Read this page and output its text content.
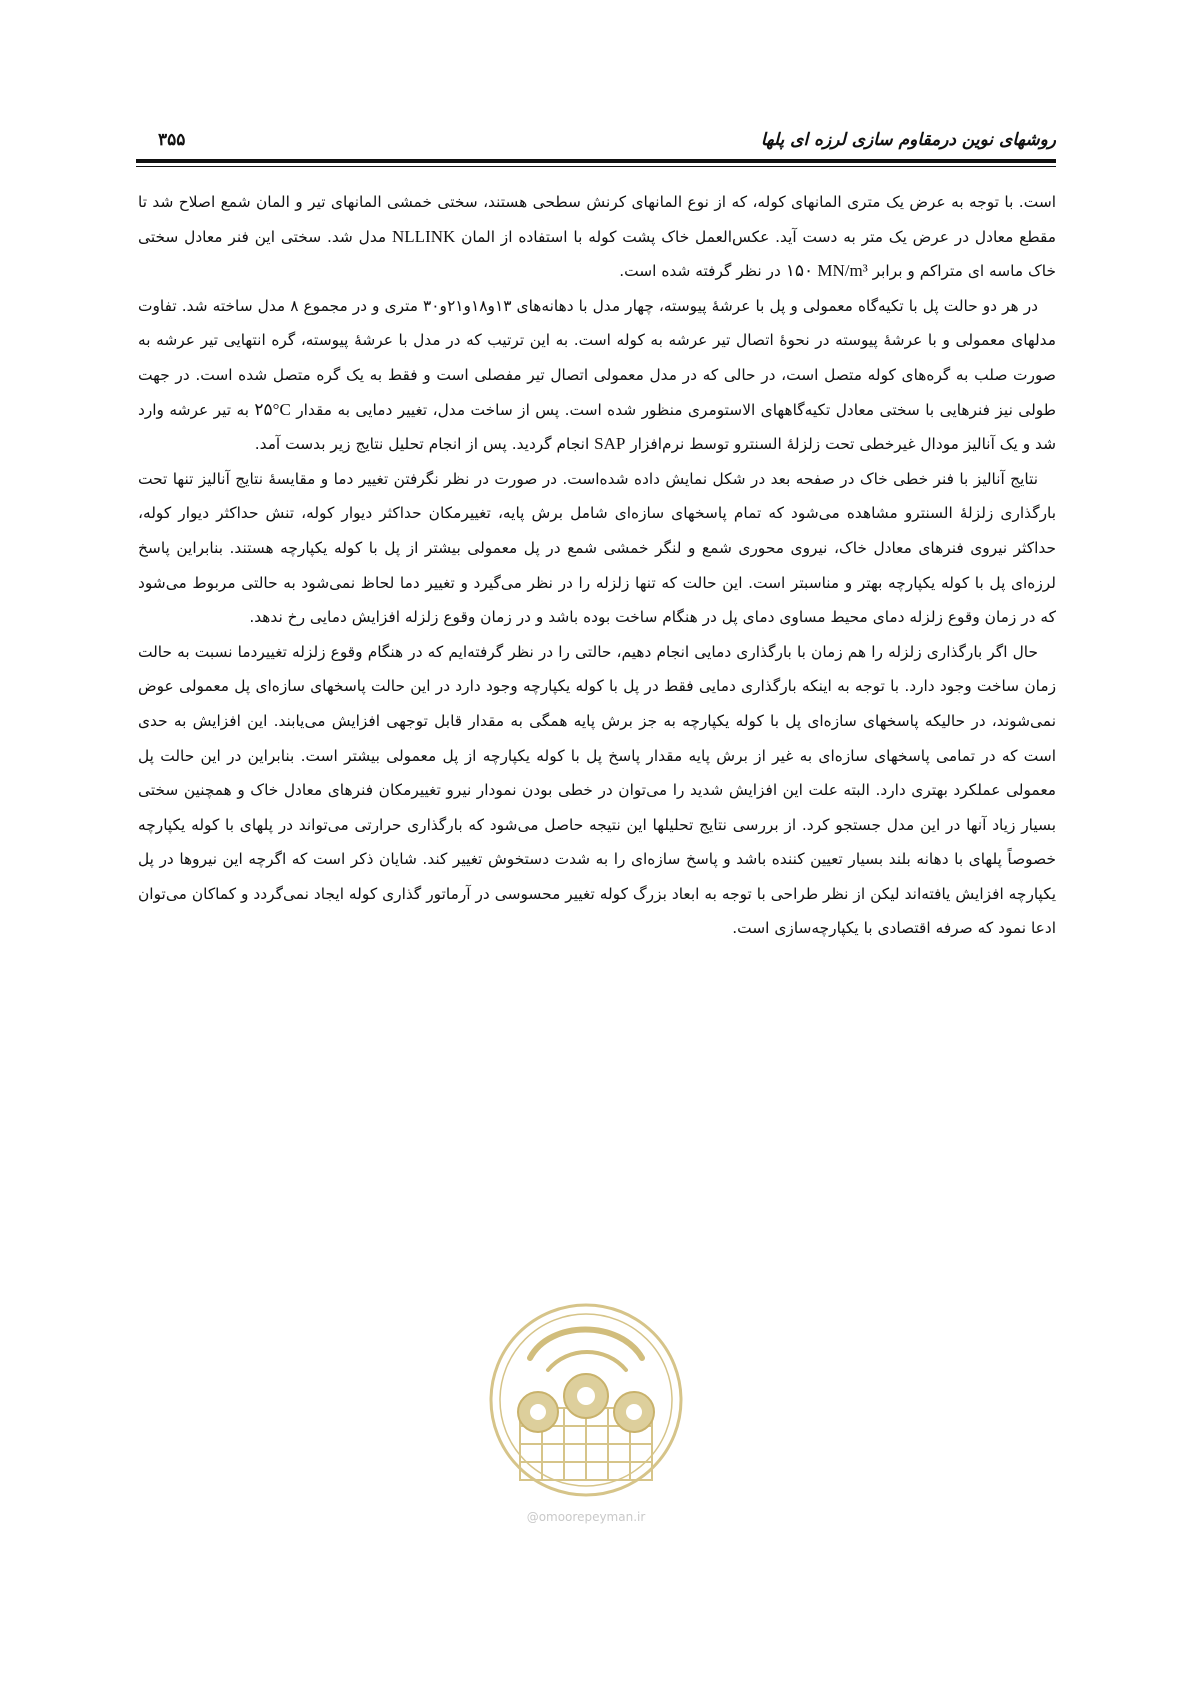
روشهای نوین درمقاوم سازی لرزه ای پلها
۳۵۵

است. با توجه به عرض یک متری المانهای کوله، که از نوع المانهای کرنش سطحی هستند، سختی خمشی المانهای تیر و المان شمع اصلاح شد تا مقطع معادل در عرض یک متر به دست آید. عکس‌العمل خاک پشت کوله با استفاده از المان NLLINK مدل شد. سختی این فنر معادل سختی خاک ماسه ای متراکم و برابر ۱۵۰ MN/m³ در نظر گرفته شده است.

در هر دو حالت پل با تکیه‌گاه معمولی و پل با عرشهٔ پیوسته، چهار مدل با دهانه‌های ۱۳و۱۸و۲۱و۳۰ متری و در مجموع ۸ مدل ساخته شد. تفاوت مدلهای معمولی و با عرشهٔ پیوسته در نحوهٔ اتصال تیر عرشه به کوله است. به این ترتیب که در مدل با عرشهٔ پیوسته، گره انتهایی تیر عرشه به صورت صلب به گره‌های کوله متصل است، در حالی که در مدل معمولی اتصال تیر مفصلی است و فقط به یک گره متصل شده است. در جهت طولی نیز فنرهایی با سختی معادل تکیه‌گاههای الاستومری منظور شده است. پس از ساخت مدل، تغییر دمایی به مقدار ۲۵°C به تیر عرشه وارد شد و یک آنالیز مودال غیرخطی تحت زلزلهٔ السنترو توسط نرم‌افزار SAP انجام گردید. پس از انجام تحلیل نتایج زیر بدست آمد.

نتایج آنالیز با فنر خطی خاک در صفحه بعد در شکل نمایش داده شده‌است. در صورت در نظر نگرفتن تغییر دما و مقایسهٔ نتایج آنالیز تنها تحت بارگذاری زلزلهٔ السنترو مشاهده می‌شود که تمام پاسخهای سازه‌ای شامل برش پایه، تغییرمکان حداکثر دیوار کوله، تنش حداکثر دیوار کوله، حداکثر نیروی فنرهای معادل خاک، نیروی محوری شمع و لنگر خمشی شمع در پل معمولی بیشتر از پل با کوله یکپارچه هستند. بنابراین پاسخ لرزه‌ای پل با کوله یکپارچه بهتر و مناسبتر است. این حالت که تنها زلزله را در نظر می‌گیرد و تغییر دما لحاظ نمی‌شود به حالتی مربوط می‌شود که در زمان وقوع زلزله دمای محیط مساوی دمای پل در هنگام ساخت بوده باشد و در زمان وقوع زلزله افزایش دمایی رخ ندهد.

حال اگر بارگذاری زلزله را هم زمان با بارگذاری دمایی انجام دهیم، حالتی را در نظر گرفته‌ایم که در هنگام وقوع زلزله تغییردما نسبت به حالت زمان ساخت وجود دارد. با توجه به اینکه بارگذاری دمایی فقط در پل با کوله یکپارچه وجود دارد در این حالت پاسخهای سازه‌ای پل معمولی عوض نمی‌شوند، در حالیکه پاسخهای سازه‌ای پل با کوله یکپارچه به جز برش پایه همگی به مقدار قابل توجهی افزایش می‌یابند. این افزایش به حدی است که در تمامی پاسخهای سازه‌ای به غیر از برش پایه مقدار پاسخ پل با کوله یکپارچه از پل معمولی بیشتر است. بنابراین در این حالت پل معمولی عملکرد بهتری دارد. البته علت این افزایش شدید را می‌توان در خطی بودن نمودار نیرو تغییرمکان فنرهای معادل خاک و همچنین سختی بسیار زیاد آنها در این مدل جستجو کرد. از بررسی نتایج تحلیلها این نتیجه حاصل می‌شود که بارگذاری حرارتی می‌تواند در پلهای با کوله یکپارچه خصوصاً پلهای با دهانه بلند بسیار تعیین کننده باشد و پاسخ سازه‌ای را به شدت دستخوش تغییر کند. شایان ذکر است که اگرچه این نیروها در پل یکپارچه افزایش یافته‌اند لیکن از نظر طراحی با توجه به ابعاد بزرگ کوله تغییر محسوسی در آرماتور گذاری کوله ایجاد نمی‌گردد و کماکان می‌توان ادعا نمود که صرفه اقتصادی با یکپارچه‌سازی است.

@omoorepeyman.ir
